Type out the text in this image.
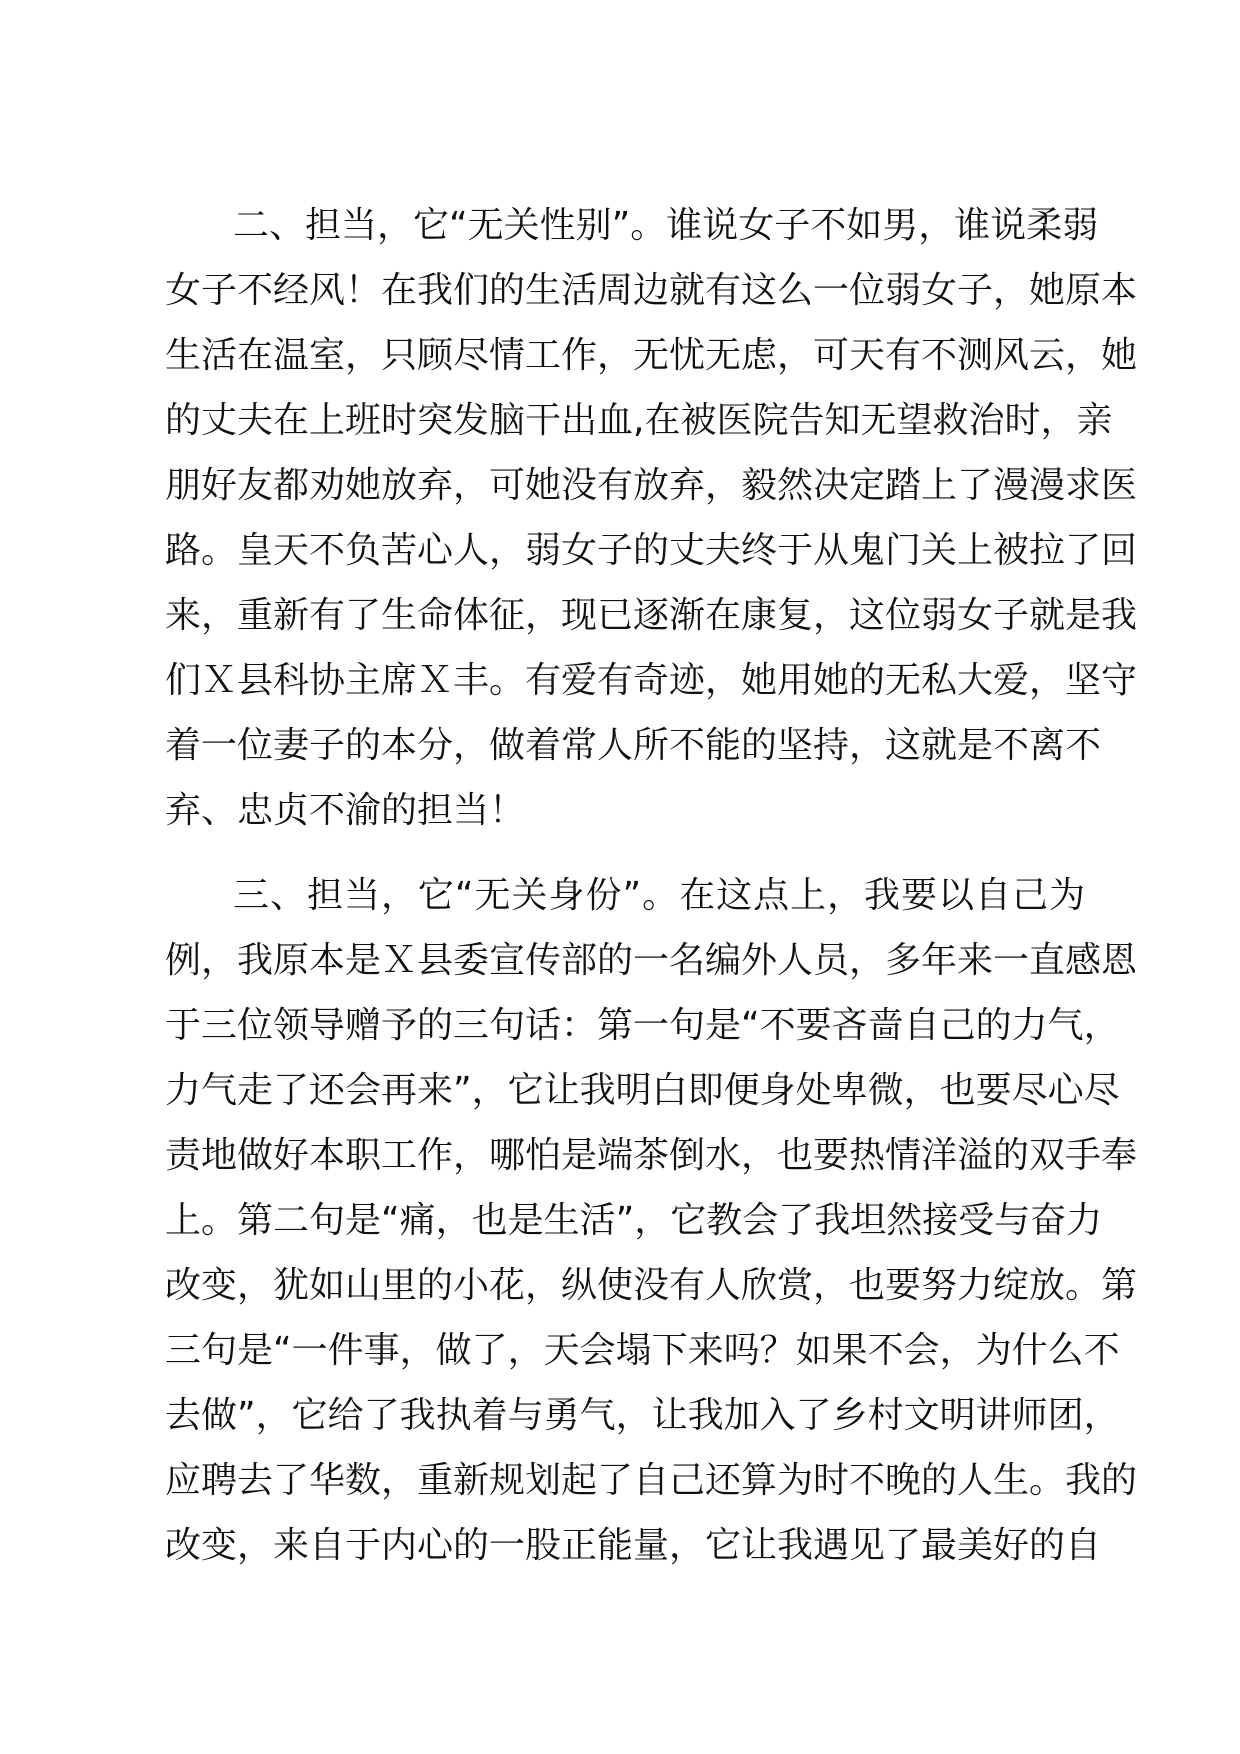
二、担当，它“无关性别”。谁说女子不如男，谁说柔弱
女子不经风！在我们的生活周边就有这么一位弱女子，她原本
生活在温室，只顾尽情工作，无忧无虑，可天有不测风云，她
的丈夫在上班时突发脑干出血,在被医院告知无望救治时，亲
朋好友都劝她放弃，可她没有放弃，毅然决定踏上了漫漫求医
路。皇天不负苦心人，弱女子的丈夫终于从鬼门关上被拉了回
来，重新有了生命体征，现已逐渐在康复，这位弱女子就是我
们Ｘ县科协主席Ｘ丰。有爱有奇迹，她用她的无私大爱，坚守
着一位妻子的本分，做着常人所不能的坚持，这就是不离不
弃、忠贞不渝的担当！
三、担当，它“无关身份”。在这点上，我要以自己为
例，我原本是Ｘ县委宣传部的一名编外人员，多年来一直感恩
于三位领导赠予的三句话：第一句是“不要吝啬自己的力气，
力气走了还会再来”，它让我明白即便身处卑微，也要尽心尽
责地做好本职工作，哪怕是端茶倒水，也要热情洋溢的双手奉
上。第二句是“痛，也是生活”，它教会了我坦然接受与奋力
改变，犹如山里的小花，纵使没有人欣赏，也要努力绽放。第
三句是“一件事，做了，天会塌下来吗？如果不会，为什么不
去做”，它给了我执着与勇气，让我加入了乡村文明讲师团，
应聘去了华数，重新规划起了自己还算为时不晚的人生。我的
改变，来自于内心的一股正能量，它让我遇见了最美好的自
